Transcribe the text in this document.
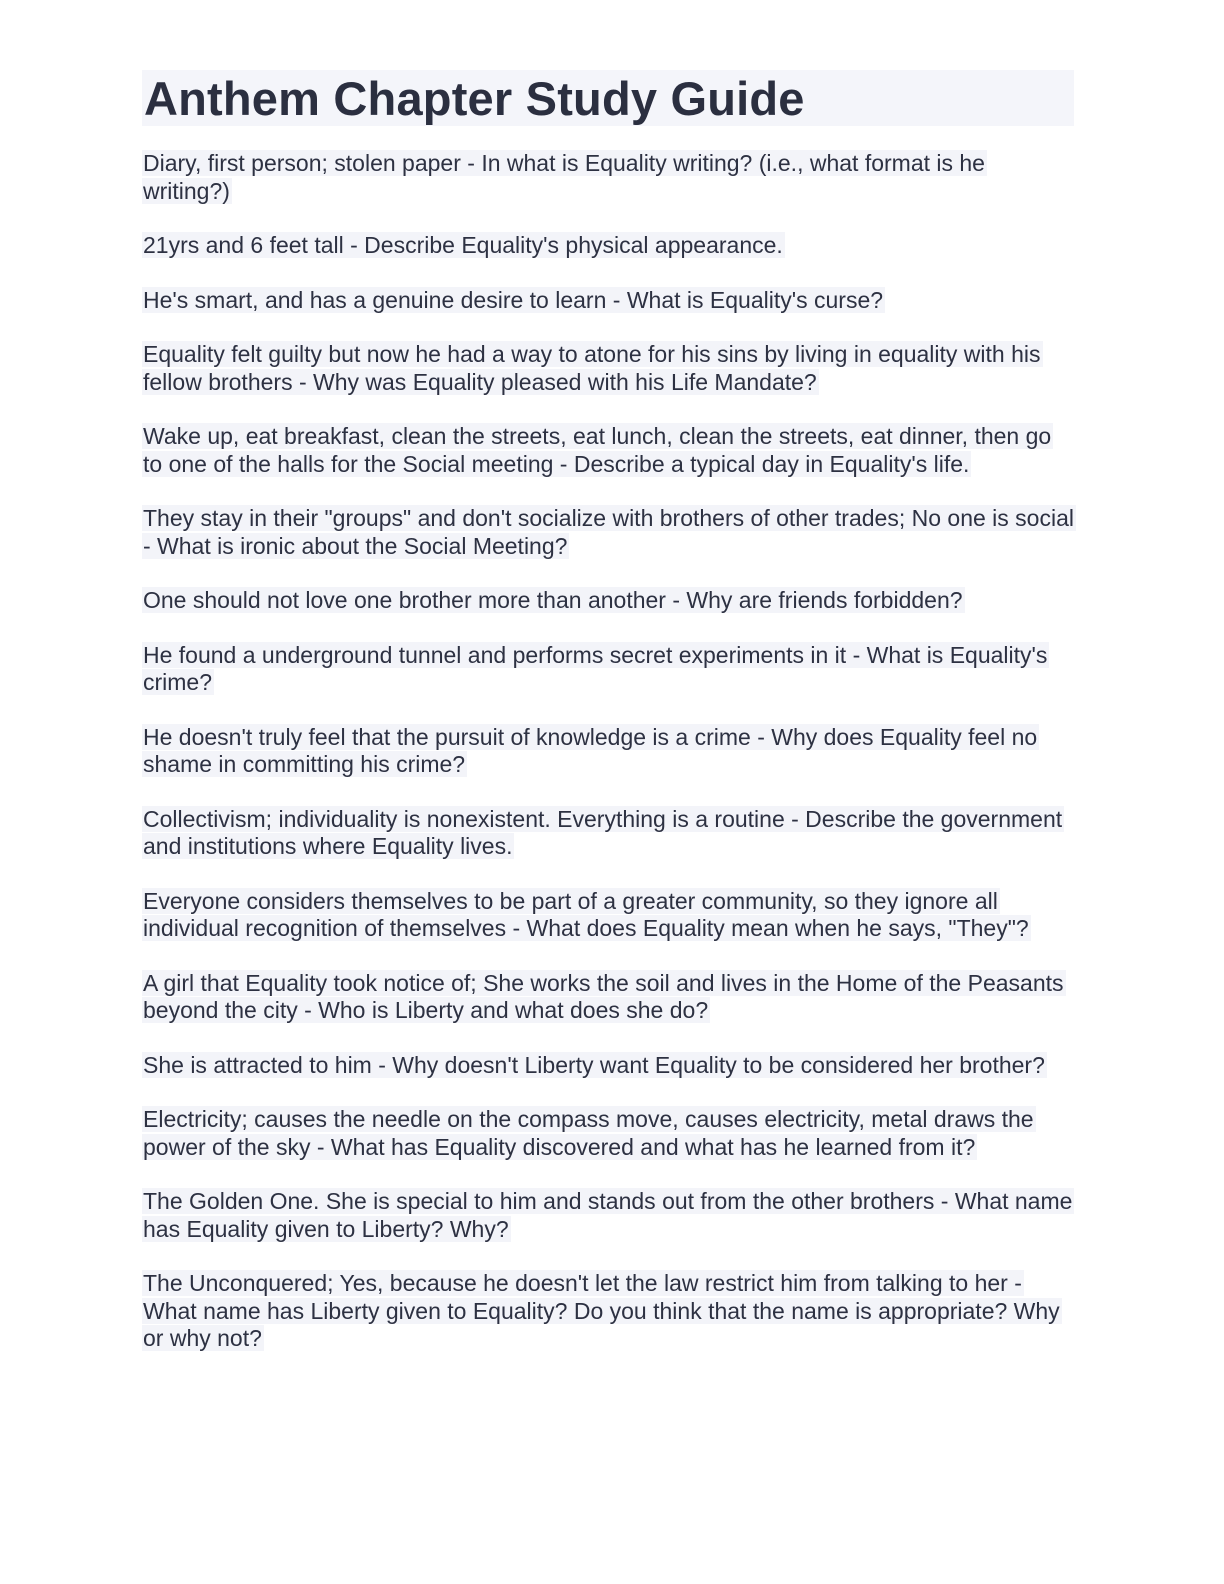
Anthem Chapter Study Guide
Diary, first person; stolen paper - In what is Equality writing? (i.e., what format is he writing?)
21yrs and 6 feet tall - Describe Equality's physical appearance.
He's smart, and has a genuine desire to learn - What is Equality's curse?
Equality felt guilty but now he had a way to atone for his sins by living in equality with his fellow brothers - Why was Equality pleased with his Life Mandate?
Wake up, eat breakfast, clean the streets, eat lunch, clean the streets, eat dinner, then go to one of the halls for the Social meeting - Describe a typical day in Equality's life.
They stay in their "groups" and don't socialize with brothers of other trades; No one is social - What is ironic about the Social Meeting?
One should not love one brother more than another - Why are friends forbidden?
He found a underground tunnel and performs secret experiments in it - What is Equality's crime?
He doesn't truly feel that the pursuit of knowledge is a crime - Why does Equality feel no shame in committing his crime?
Collectivism; individuality is nonexistent. Everything is a routine - Describe the government and institutions where Equality lives.
Everyone considers themselves to be part of a greater community, so they ignore all individual recognition of themselves - What does Equality mean when he says, "They"?
A girl that Equality took notice of; She works the soil and lives in the Home of the Peasants beyond the city - Who is Liberty and what does she do?
She is attracted to him - Why doesn't Liberty want Equality to be considered her brother?
Electricity; causes the needle on the compass move, causes electricity, metal draws the power of the sky - What has Equality discovered and what has he learned from it?
The Golden One. She is special to him and stands out from the other brothers - What name has Equality given to Liberty? Why?
The Unconquered; Yes, because he doesn't let the law restrict him from talking to her - What name has Liberty given to Equality? Do you think that the name is appropriate? Why or why not?
